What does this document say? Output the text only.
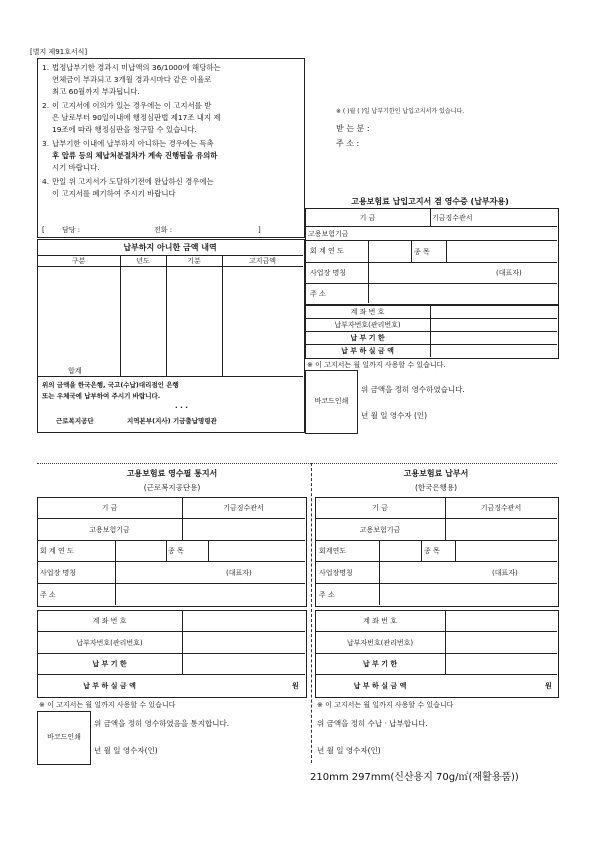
[별지 제91호서식]
1. 법정납부기한 경과시 미납액의 36/1000에 해당하는

연체금이 부과되고 3개월 경과시마다 같은 이율로

최고 60월까지 부과됩니다.

2. 이 고지서에 이의가 있는 경우에는 이 고지서를 받

은 날로부터 90일이내에 행정심판법 제17조 내지 제

19조에 따라 행정심판을 청구할 수 있습니다.

3. 납부기한 이내에 납부하지 아니하는 경우에는 독촉

후 압류 등의 체납처분절차가 계속 진행됨을 유의하

시기 바랍니다.

4. 만일 위 고지서가 도달하기전에 완납하신 경우에는

이 고지서를 폐기하여 주시기 바랍니다

[ 담당 :	전화 :	]
납부하지 아니한 금액 내역
구분	년도	기분	고지금액
합계
위의 금액을 한국은행, 국고(수납)대리점인 은행
또는 우체국에 납부하여 주시기 바랍니다.
· · ·
근로복지공단	지역본부(지사) 기금출납명령관
※ ( )월 ( )일 납부기한인 납입고지서가 있습니다.
받 는 분 :
주 소 :
고용보험료 납입고지서 겸 영수증 (납부자용)
기 금	기금징수관서
고용보험기금
회 계 연 도	종 목
사업장 명칭	(대표자)
주 소
계 좌 번 호
납부자번호(관리번호)
납 부 기 한
납 부 하 실 금 액
※ 이 고지서는 월 일까지 사용할 수 있습니다.
바코드인쇄
위 금액을 정히 영수하였습니다.
년 월 일 영수자 (인)
고용보험료 영수필 통지서
(근로복지공단용)
기 금	기금징수관서
고용보험기금
회 계 연 도	종 목
사업장 명칭	(대표자)
주 소
계 좌 번 호
납부자번호(관리번호)
납 부 기 한
납 부 하 실 금 액	원
※ 이 고지서는 월 일까지 사용할 수 있습니다
바코드인쇄
위 금액을 정히 영수하였음을 통지합니다.
년 월 일 영수자(인)
고용보험료 납부서
(한국은행용)
기 금	기금징수관서
고용보험기금
회계연도	종 목
사업장명칭	(대표자)
주 소
계 좌 번 호
납부자번호(관리번호)
납 부 기 한
납 부 하 실 금 액	원
※ 이 고지서는 월 일까지 사용할 수 있습니다
위 금액을 정히 수납 · 납부합니다.
년 월 일 영수자(인)
210mm 297mm(신산용지 70g/㎡(재활용품))
